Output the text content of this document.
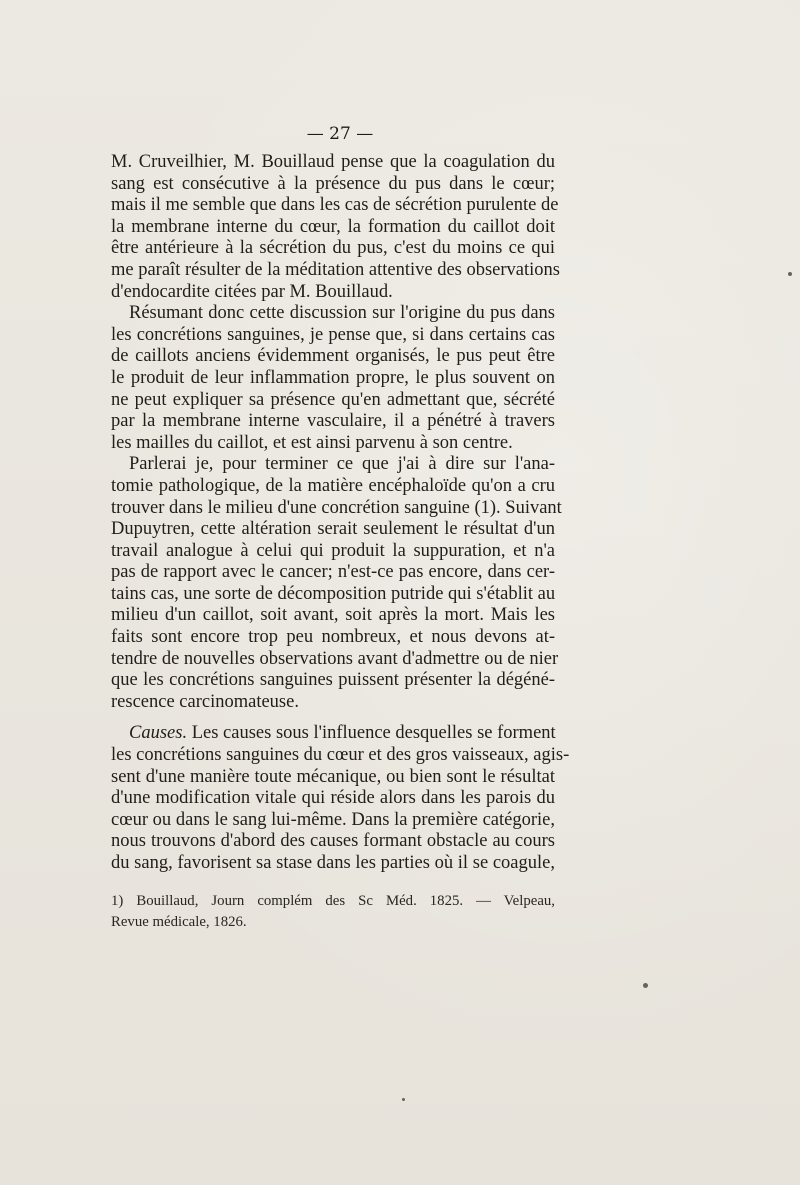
— 27 —
M. Cruveilhier, M. Bouillaud pense que la coagulation du
sang est consécutive à la présence du pus dans le cœur;
mais il me semble que dans les cas de sécrétion purulente de
la membrane interne du cœur, la formation du caillot doit
être antérieure à la sécrétion du pus, c'est du moins ce qui
me paraît résulter de la méditation attentive des observations
d'endocardite citées par M. Bouillaud.
Résumant donc cette discussion sur l'origine du pus dans
les concrétions sanguines, je pense que, si dans certains cas
de caillots anciens évidemment organisés, le pus peut être
le produit de leur inflammation propre, le plus souvent on
ne peut expliquer sa présence qu'en admettant que, sécrété
par la membrane interne vasculaire, il a pénétré à travers
les mailles du caillot, et est ainsi parvenu à son centre.
Parlerai je, pour terminer ce que j'ai à dire sur l'ana-
tomie pathologique, de la matière encéphaloïde qu'on a cru
trouver dans le milieu d'une concrétion sanguine (1). Suivant
Dupuytren, cette altération serait seulement le résultat d'un
travail analogue à celui qui produit la suppuration, et n'a
pas de rapport avec le cancer; n'est-ce pas encore, dans cer-
tains cas, une sorte de décomposition putride qui s'établit au
milieu d'un caillot, soit avant, soit après la mort. Mais les
faits sont encore trop peu nombreux, et nous devons at-
tendre de nouvelles observations avant d'admettre ou de nier
que les concrétions sanguines puissent présenter la dégéné-
rescence carcinomateuse.
Causes. Les causes sous l'influence desquelles se forment
les concrétions sanguines du cœur et des gros vaisseaux, agis-
sent d'une manière toute mécanique, ou bien sont le résultat
d'une modification vitale qui réside alors dans les parois du
cœur ou dans le sang lui-même. Dans la première catégorie,
nous trouvons d'abord des causes formant obstacle au cours
du sang, favorisent sa stase dans les parties où il se coagule,
1) Bouillaud, Journ complém des Sc Méd. 1825. — Velpeau,
Revue médicale, 1826.
